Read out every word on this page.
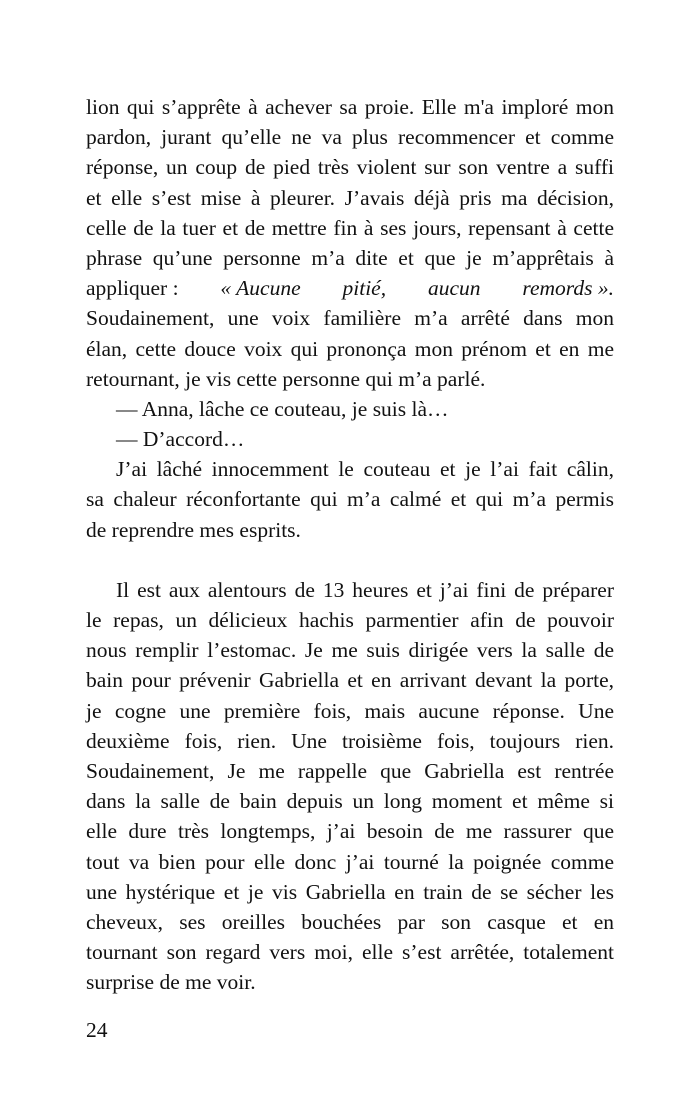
lion qui s’apprête à achever sa proie. Elle m'a imploré mon
pardon, jurant qu’elle ne va plus recommencer et comme
réponse, un coup de pied très violent sur son ventre a suffi
et elle s’est mise à pleurer. J’avais déjà pris ma décision,
celle de la tuer et de mettre fin à ses jours, repensant à cette
phrase qu’une personne m’a dite et que je m’apprêtais à
appliquer : « Aucune pitié, aucun remords ».
Soudainement, une voix familière m’a arrêté dans mon
élan, cette douce voix qui prononça mon prénom et en me
retournant, je vis cette personne qui m’a parlé.
— Anna, lâche ce couteau, je suis là…
— D’accord…
J’ai lâché innocemment le couteau et je l’ai fait câlin,
sa chaleur réconfortante qui m’a calmé et qui m’a permis
de reprendre mes esprits.
Il est aux alentours de 13 heures et j’ai fini de préparer
le repas, un délicieux hachis parmentier afin de pouvoir
nous remplir l’estomac. Je me suis dirigée vers la salle de
bain pour prévenir Gabriella et en arrivant devant la porte,
je cogne une première fois, mais aucune réponse. Une
deuxième fois, rien. Une troisième fois, toujours rien.
Soudainement, Je me rappelle que Gabriella est rentrée
dans la salle de bain depuis un long moment et même si
elle dure très longtemps, j’ai besoin de me rassurer que
tout va bien pour elle donc j’ai tourné la poignée comme
une hystérique et je vis Gabriella en train de se sécher les
cheveux, ses oreilles bouchées par son casque et en
tournant son regard vers moi, elle s’est arrêtée, totalement
surprise de me voir.
24
